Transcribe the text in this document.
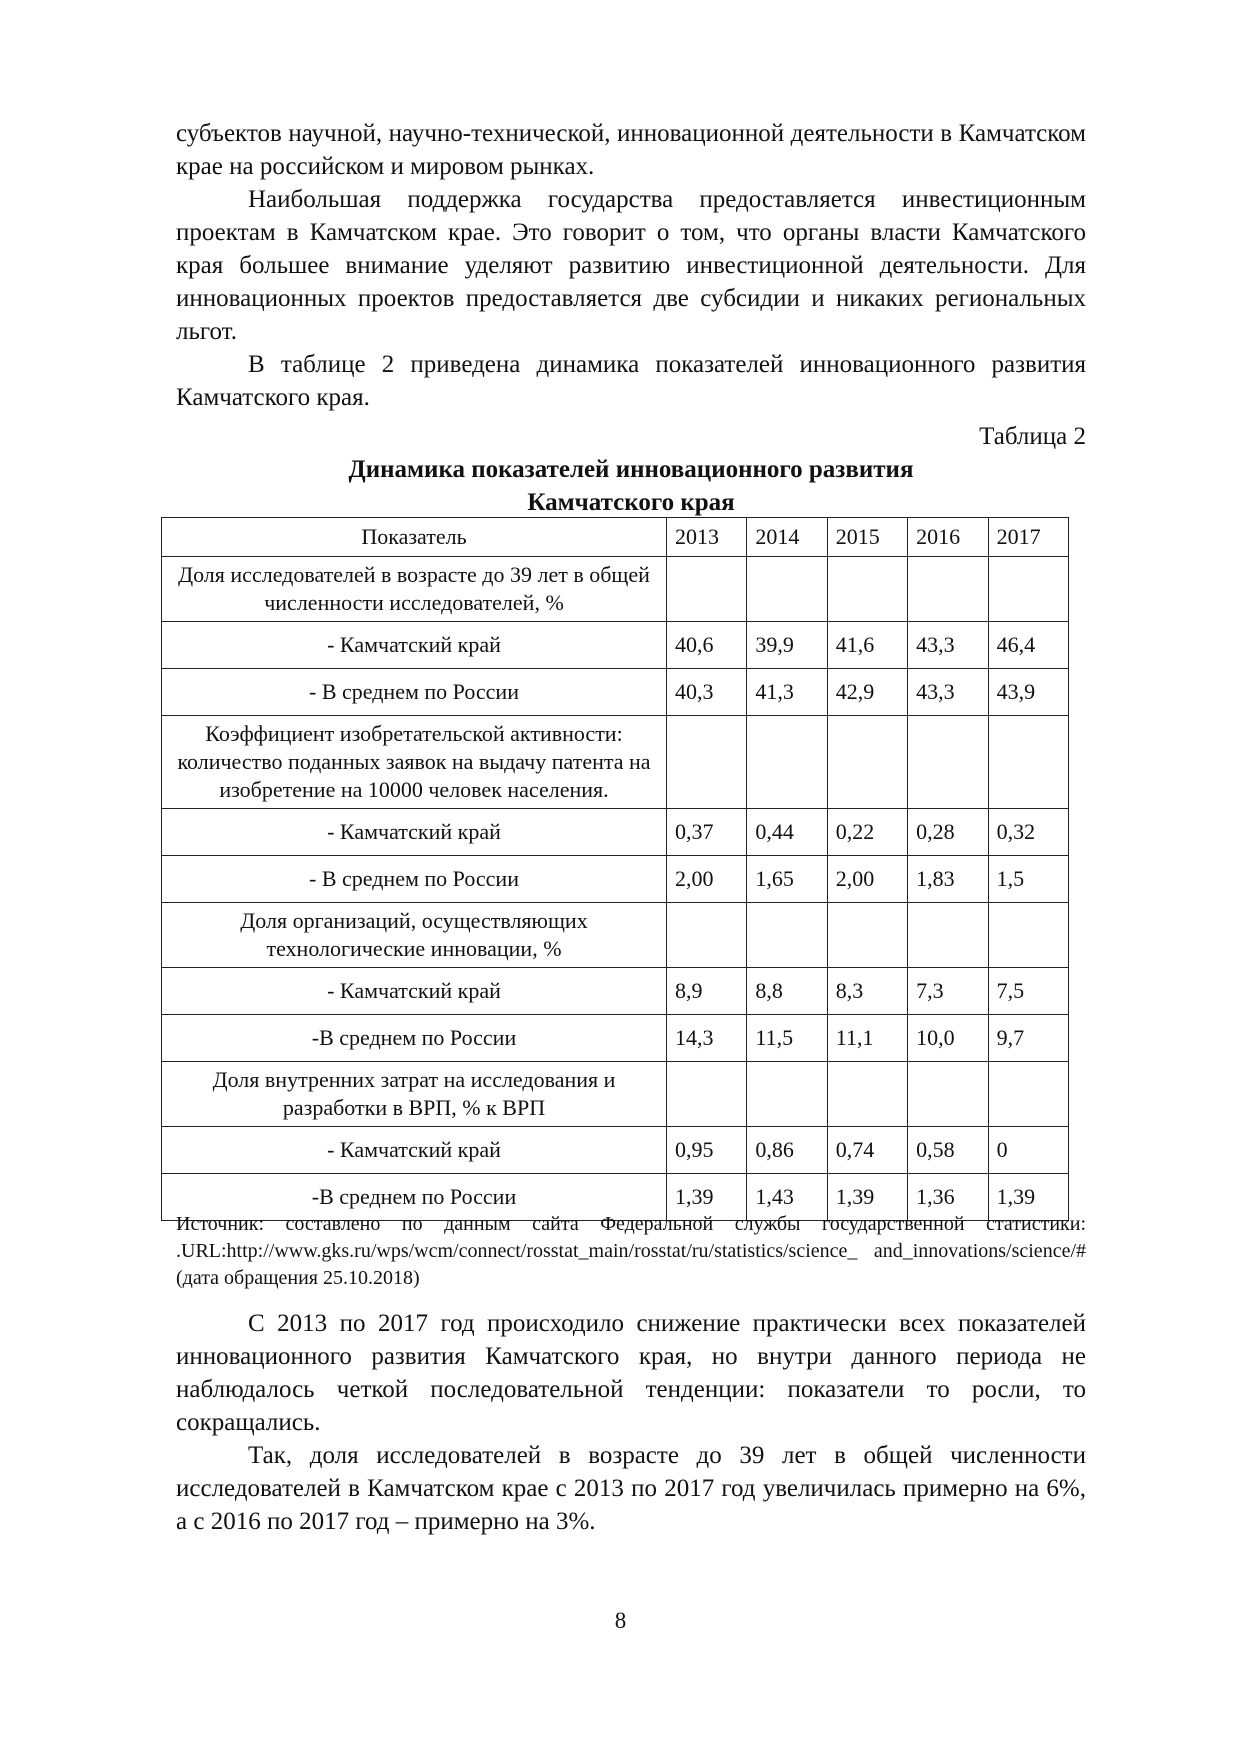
субъектов научной, научно-технической, инновационной деятельности в Камчатском крае на российском и мировом рынках.

Наибольшая поддержка государства предоставляется инвестиционным проектам в Камчатском крае. Это говорит о том, что органы власти Камчатского края большее внимание уделяют развитию инвестиционной деятельности. Для инновационных проектов предоставляется две субсидии и никаких региональных льгот.

В таблице 2 приведена динамика показателей инновационного развития Камчатского края.

Таблица 2
Динамика показателей инновационного развития
Камчатского края
Показатель	2013	2014	2015	2016	2017
Доля исследователей в возрасте до 39 лет в общей численности исследователей, %					
- Камчатский край	40,6	39,9	41,6	43,3	46,4
- В среднем по России	40,3	41,3	42,9	43,3	43,9
Коэффициент изобретательской активности: количество поданных заявок на выдачу патента на изобретение на 10000 человек населения.					
- Камчатский край	0,37	0,44	0,22	0,28	0,32
- В среднем по России	2,00	1,65	2,00	1,83	1,5
Доля организаций, осуществляющих технологические инновации, %					
- Камчатский край	8,9	8,8	8,3	7,3	7,5
-В среднем по России	14,3	11,5	11,1	10,0	9,7
Доля внутренних затрат на исследования и разработки в ВРП, % к ВРП					
- Камчатский край	0,95	0,86	0,74	0,58	0
-В среднем по России	1,39	1,43	1,39	1,36	1,39

Источник: составлено по данным сайта Федеральной службы государственной статистики: .URL:http://www.gks.ru/wps/wcm/connect/rosstat_main/rosstat/ru/statistics/science_ and_innovations/science/# (дата обращения 25.10.2018)

С 2013 по 2017 год происходило снижение практически всех показателей инновационного развития Камчатского края, но внутри данного периода не наблюдалось четкой последовательной тенденции: показатели то росли, то сокращались.

Так, доля исследователей в возрасте до 39 лет в общей численности исследователей в Камчатском крае с 2013 по 2017 год увеличилась примерно на 6%, а с 2016 по 2017 год – примерно на 3%.

8
